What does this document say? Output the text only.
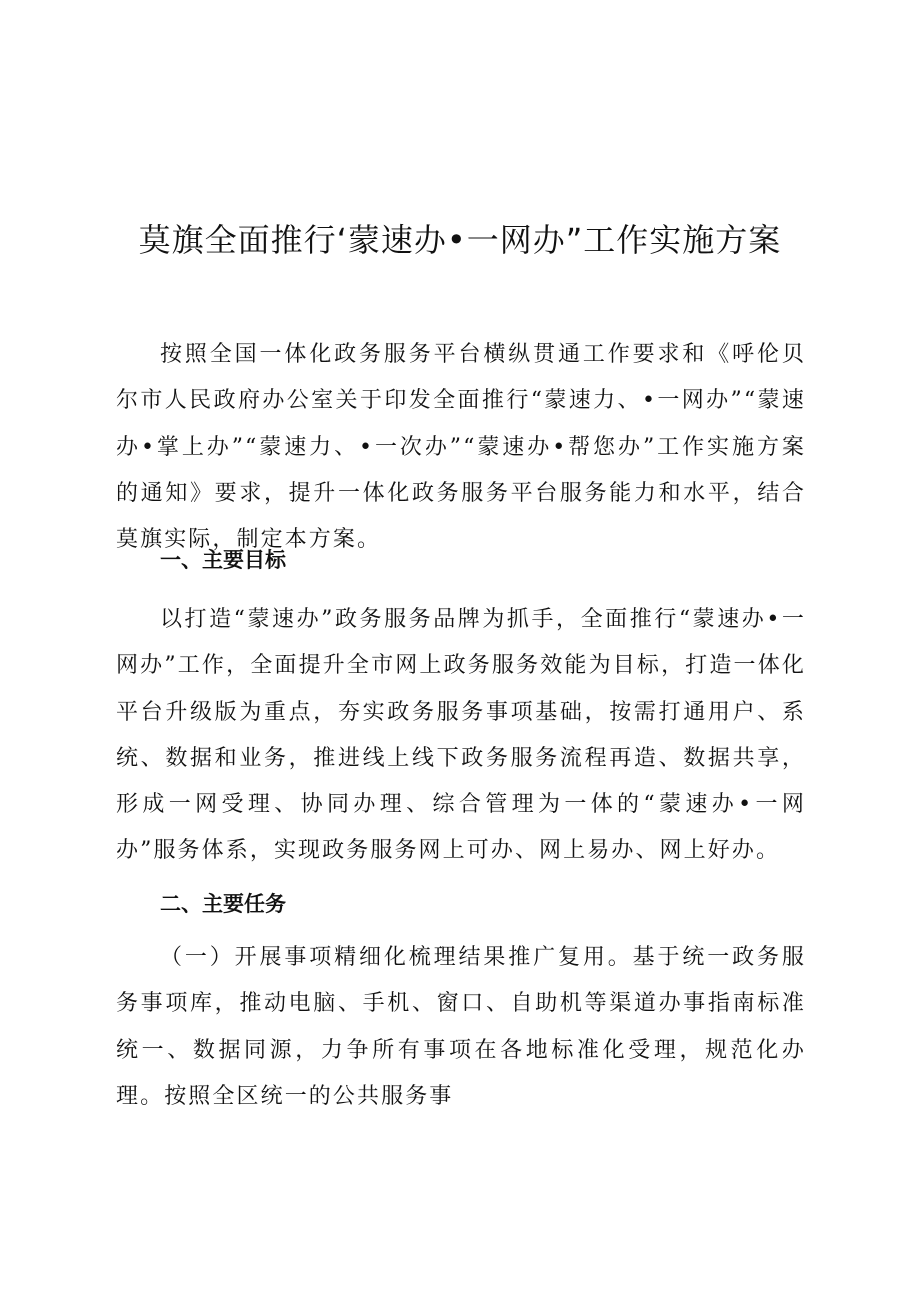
莫旗全面推行‘蒙速办•一网办”工作实施方案

按照全国一体化政务服务平台横纵贯通工作要求和《呼伦贝尔市人民政府办公室关于印发全面推行“蒙速力、•一网办”“蒙速办•掌上办”“蒙速力、•一次办”“蒙速办•帮您办”工作实施方案的通知》要求，提升一体化政务服务平台服务能力和水平，结合莫旗实际，制定本方案。

一、主要目标

以打造“蒙速办”政务服务品牌为抓手，全面推行“蒙速办•一网办”工作，全面提升全市网上政务服务效能为目标，打造一体化平台升级版为重点，夯实政务服务事项基础，按需打通用户、系统、数据和业务，推进线上线下政务服务流程再造、数据共享，形成一网受理、协同办理、综合管理为一体的“蒙速办•一网办”服务体系，实现政务服务网上可办、网上易办、网上好办。

二、主要任务

（一）开展事项精细化梳理结果推广复用。基于统一政务服务事项库，推动电脑、手机、窗口、自助机等渠道办事指南标准统一、数据同源，力争所有事项在各地标准化受理，规范化办理。按照全区统一的公共服务事
